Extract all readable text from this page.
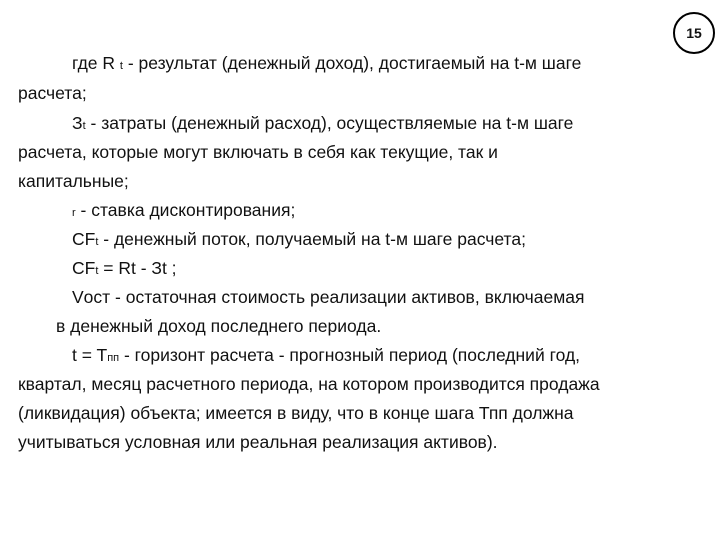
15
где R t - результат (денежный доход), достигаемый на t-м шаге
расчета;
Зt - затраты (денежный расход), осуществляемые на t-м шаге
расчета, которые могут включать в себя как текущие, так и
капитальные;
r - ставка дисконтирования;
CFt - денежный поток, получаемый на t-м шаге расчета;
CFt = Rt - Зt ;
Vост - остаточная стоимость реализации активов, включаемая
в денежный доход последнего периода.
t = Tпп - горизонт расчета - прогнозный период (последний год,
квартал, месяц расчетного периода, на котором производится продажа
(ликвидация) объекта; имеется в виду, что в конце шага Тпп должна
учитываться условная или реальная реализация активов).
